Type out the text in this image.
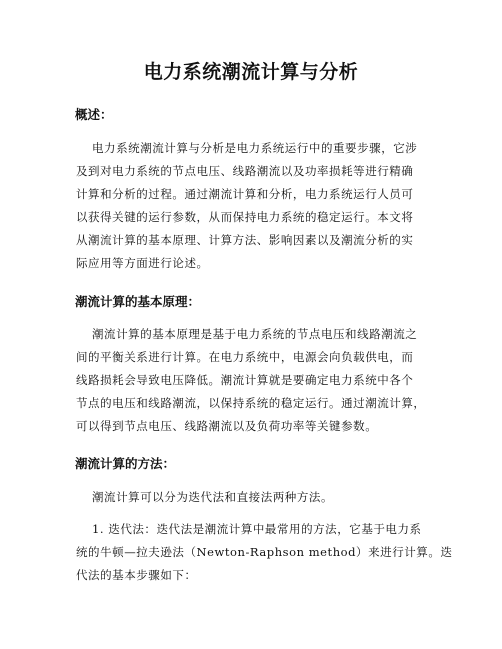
电力系统潮流计算与分析
概述：
电力系统潮流计算与分析是电力系统运行中的重要步骤，它涉
及到对电力系统的节点电压、线路潮流以及功率损耗等进行精确
计算和分析的过程。通过潮流计算和分析，电力系统运行人员可
以获得关键的运行参数，从而保持电力系统的稳定运行。本文将
从潮流计算的基本原理、计算方法、影响因素以及潮流分析的实
际应用等方面进行论述。
潮流计算的基本原理：
潮流计算的基本原理是基于电力系统的节点电压和线路潮流之
间的平衡关系进行计算。在电力系统中，电源会向负载供电，而
线路损耗会导致电压降低。潮流计算就是要确定电力系统中各个
节点的电压和线路潮流，以保持系统的稳定运行。通过潮流计算，
可以得到节点电压、线路潮流以及负荷功率等关键参数。
潮流计算的方法：
潮流计算可以分为迭代法和直接法两种方法。
1. 迭代法：迭代法是潮流计算中最常用的方法，它基于电力系
统的牛顿—拉夫逊法（Newton-Raphson method）来进行计算。迭
代法的基本步骤如下：
